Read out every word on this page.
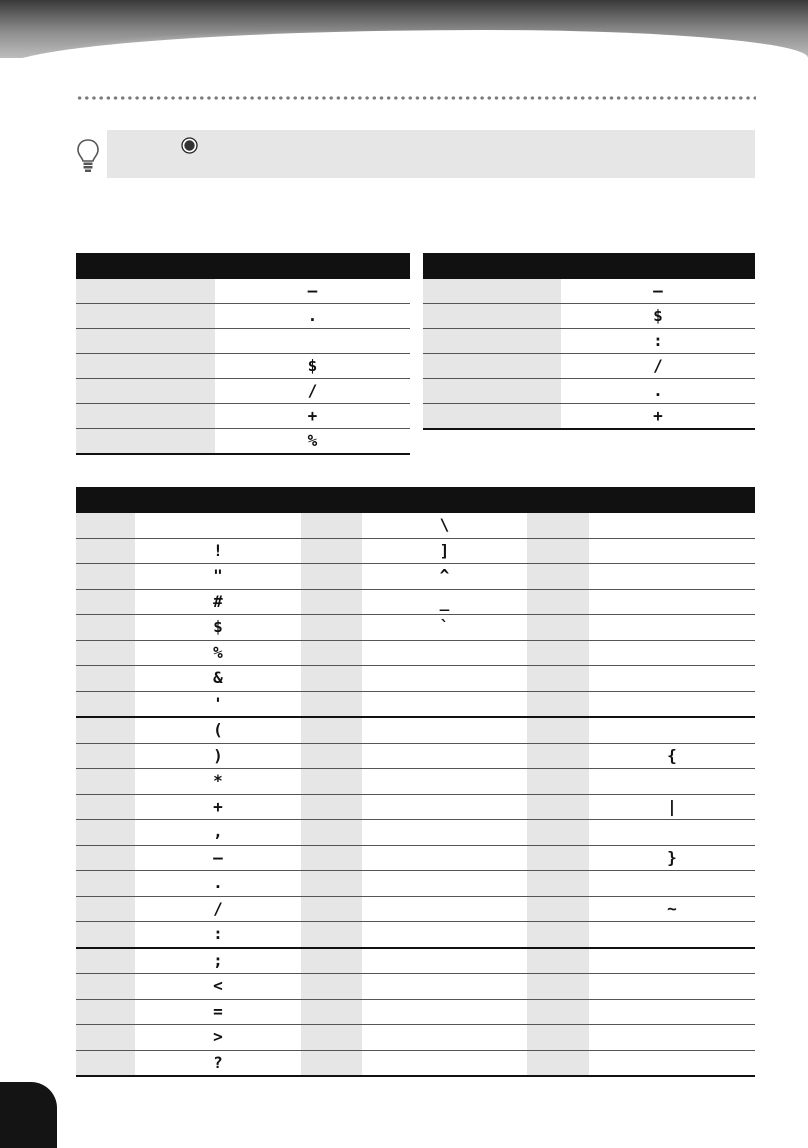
	–
	.

	$
	/
	+
	%

	–
	$
	:
	/
	.
	+

			\		
	!		]		
	"		^		
	#		_		
	$		`		
	%				
	&				
	'				
	(				
	)				{
	*				
	+				|
	,				
	–				}
	.				
	/				~
	:				
	;				
	<				
	=				
	>				
	?				
